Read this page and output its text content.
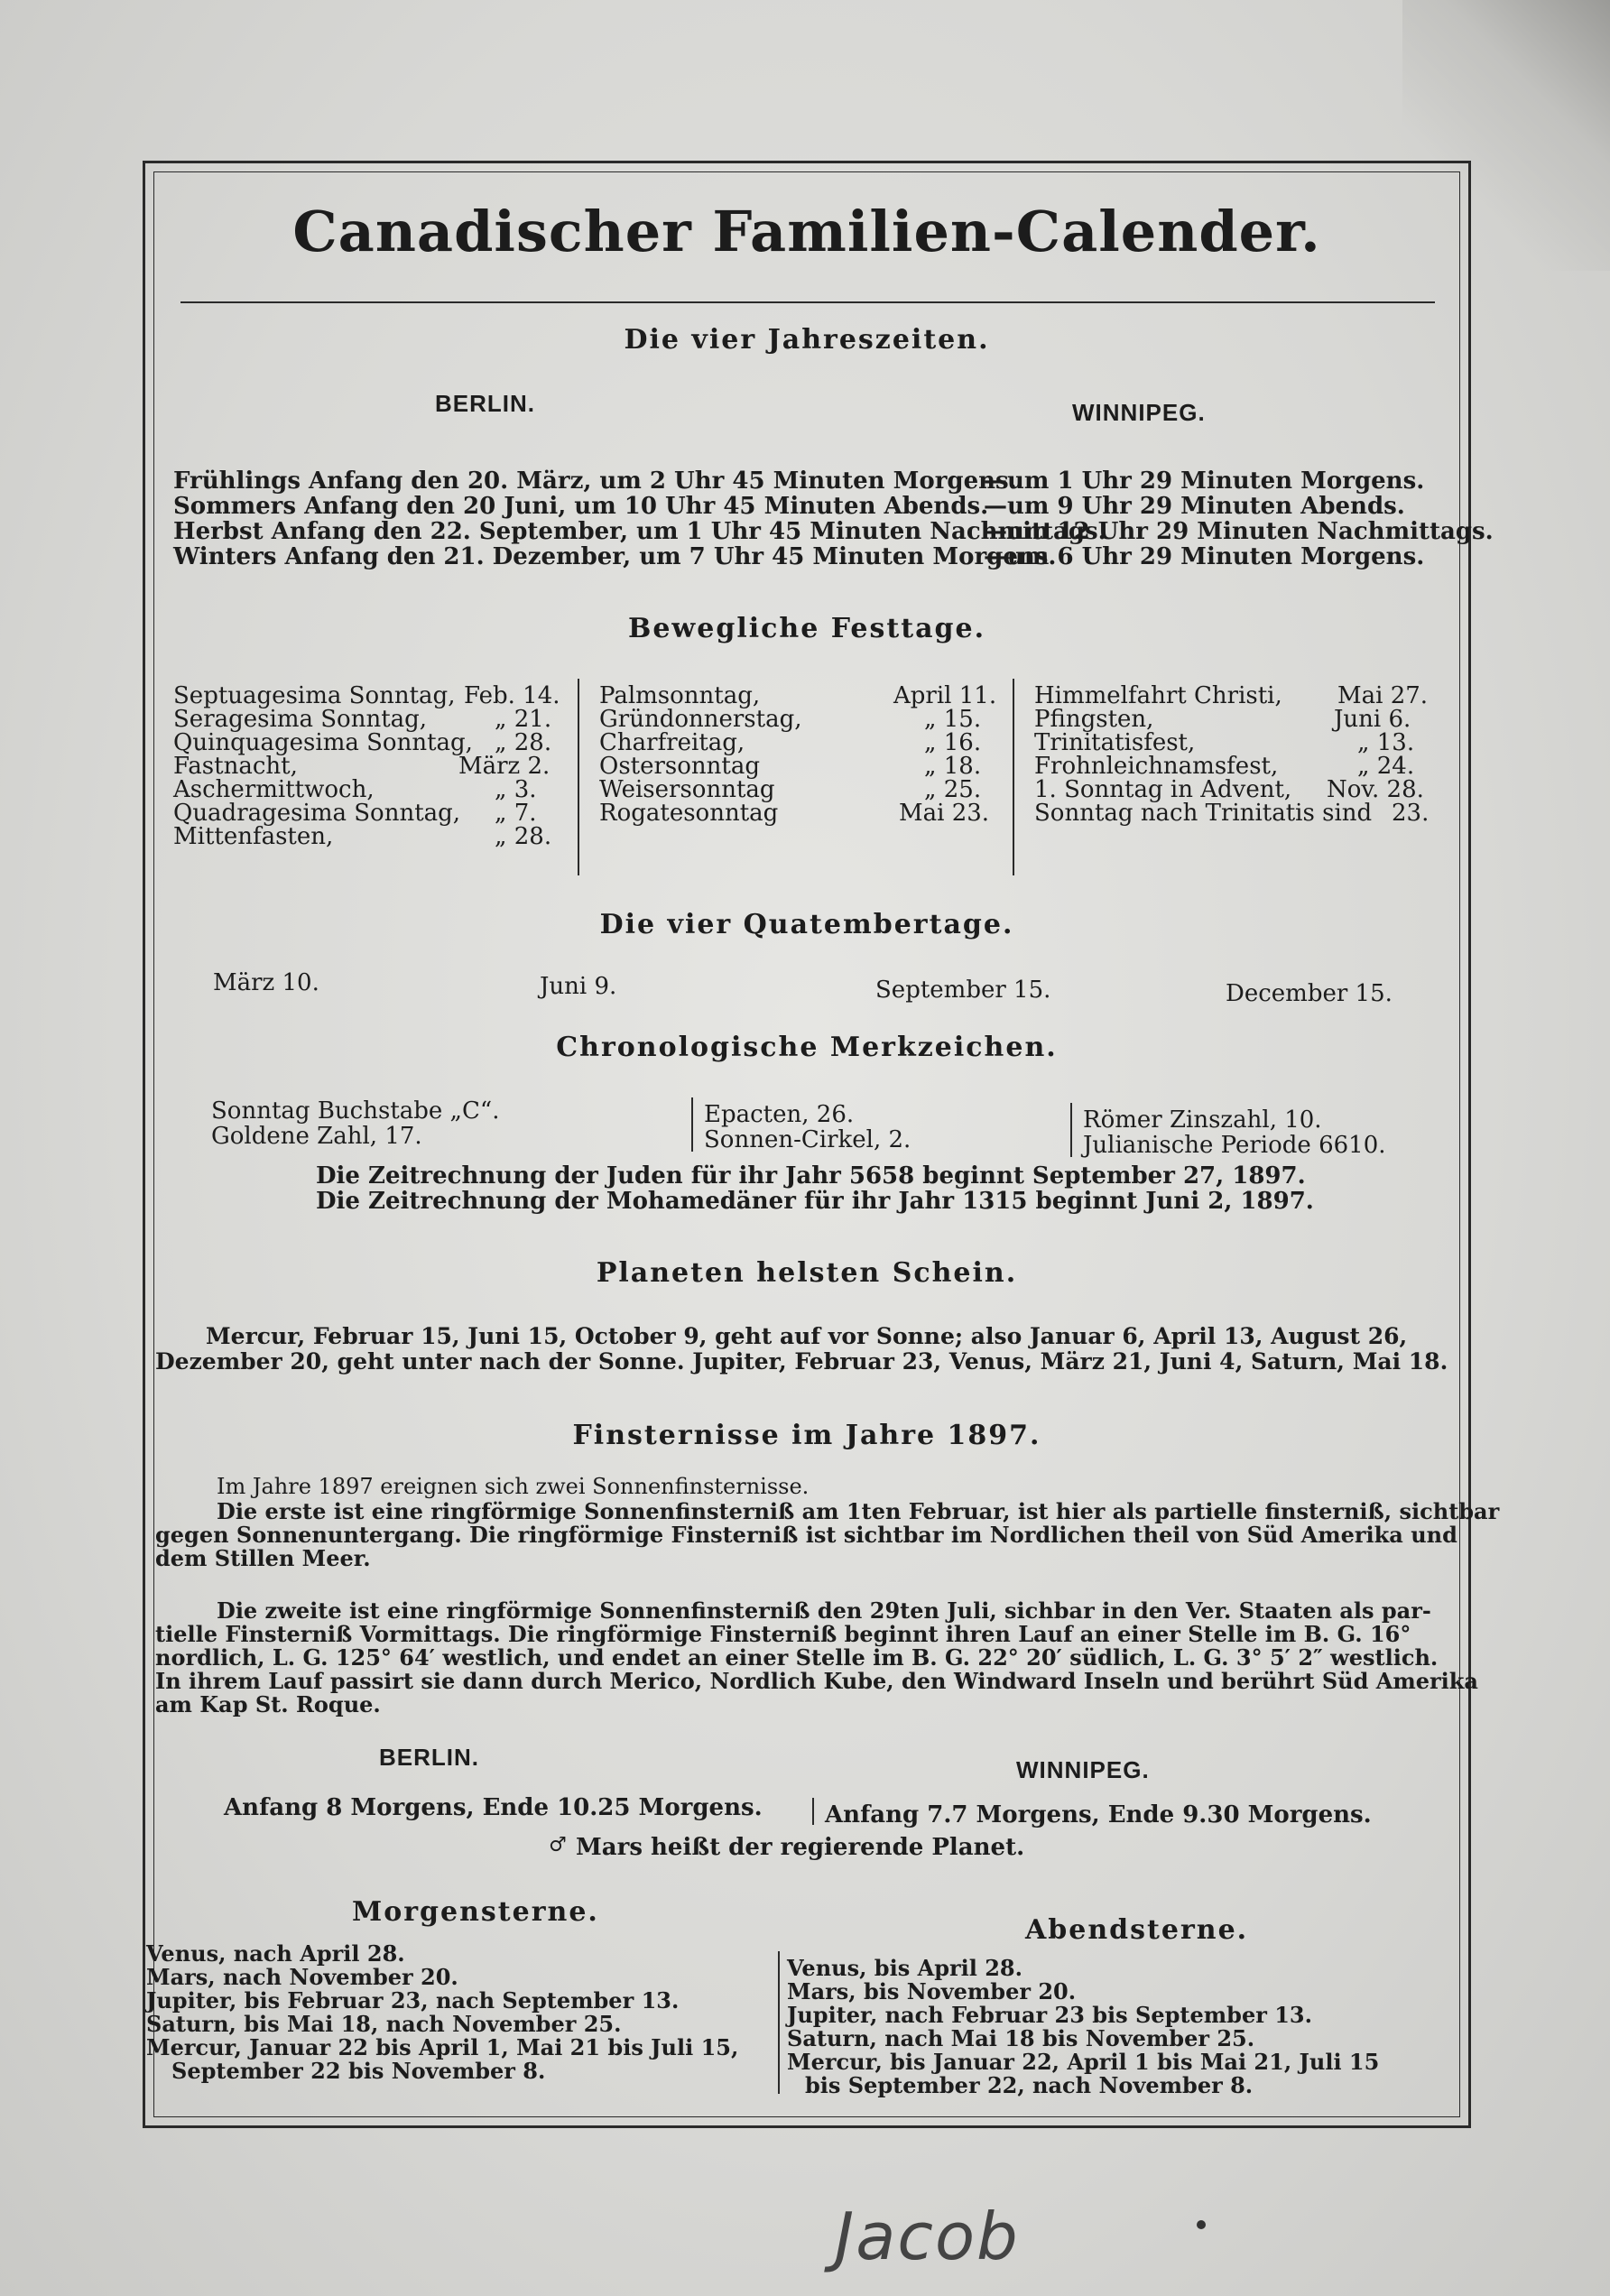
Canadischer Familien-Calender.
Die vier Jahreszeiten.
BERLIN.	WINNIPEG.
Frühlings Anfang den 20. März, um 2 Uhr 45 Minuten Morgens.
—um 1 Uhr 29 Minuten Morgens.
Sommers Anfang den 20 Juni, um 10 Uhr 45 Minuten Abends.
—um 9 Uhr 29 Minuten Abends.
Herbst Anfang den 22. September, um 1 Uhr 45 Minuten Nachmittags.
—um 12 Uhr 29 Minuten Nachmittags.
Winters Anfang den 21. Dezember, um 7 Uhr 45 Minuten Morgens.
—um 6 Uhr 29 Minuten Morgens.
Bewegliche Festtage.
Septuagesima Sonntag, Feb. 14.
Seragesima Sonntag,	„ 21.
Quinquagesima Sonntag, „ 28.
Fastnacht,	März 2.
Aschermittwoch,	„ 3.
Quadragesima Sonntag, „ 7.
Mittenfasten,	„ 28.
Palmsonntag,	April 11.
Gründonnerstag,	„ 15.
Charfreitag,	„ 16.
Ostersonntag	„ 18.
Weisersonntag	„ 25.
Rogatesonntag	Mai 23.
Himmelfahrt Christi, Mai 27.
Pfingsten,	Juni 6.
Trinitatisfest,	„ 13.
Frohnleichnamsfest,	„ 24.
1. Sonntag in Advent, Nov. 28.
Sonntag nach Trinitatis sind 23.
Die vier Quatembertage.
März 10.	Juni 9.	September 15.	December 15.
Chronologische Merkzeichen.
Sonntag Buchstabe „C“.
Goldene Zahl, 17.
Epacten, 26.
Sonnen-Cirkel, 2.
Römer Zinszahl, 10.
Julianische Periode 6610.
Die Zeitrechnung der Juden für ihr Jahr 5658 beginnt September 27, 1897.
Die Zeitrechnung der Mohamedäner für ihr Jahr 1315 beginnt Juni 2, 1897.
Planeten helsten Schein.
Mercur, Februar 15, Juni 15, October 9, geht auf vor Sonne; also Januar 6, April 13, August 26,
Dezember 20, geht unter nach der Sonne. Jupiter, Februar 23, Venus, März 21, Juni 4, Saturn, Mai 18.
Finsternisse im Jahre 1897.
Im Jahre 1897 ereignen sich zwei Sonnenfinsternisse.
Die erste ist eine ringförmige Sonnenfinsterniß am 1ten Februar, ist hier als partielle finsterniß, sichtbar
gegen Sonnenuntergang. Die ringförmige Finsterniß ist sichtbar im Nordlichen theil von Süd Amerika und
dem Stillen Meer.
Die zweite ist eine ringförmige Sonnenfinsterniß den 29ten Juli, sichbar in den Ver. Staaten als par-
tielle Finsterniß Vormittags. Die ringförmige Finsterniß beginnt ihren Lauf an einer Stelle im B. G. 16°
nordlich, L. G. 125° 64′ westlich, und endet an einer Stelle im B. G. 22° 20′ südlich, L. G. 3° 5′ 2″ westlich.
In ihrem Lauf passirt sie dann durch Merico, Nordlich Kube, den Windward Inseln und berührt Süd Amerika
am Kap St. Roque.
BERLIN.	WINNIPEG.
Anfang 8 Morgens, Ende 10.25 Morgens.	Anfang 7.7 Morgens, Ende 9.30 Morgens.
♂ Mars heißt der regierende Planet.
Morgensterne.
Abendsterne.
Venus, nach April 28.
Mars, nach November 20.
Jupiter, bis Februar 23, nach September 13.
Saturn, bis Mai 18, nach November 25.
Mercur, Januar 22 bis April 1, Mai 21 bis Juli 15,
September 22 bis November 8.
Venus, bis April 28.
Mars, bis November 20.
Jupiter, nach Februar 23 bis September 13.
Saturn, nach Mai 18 bis November 25.
Mercur, bis Januar 22, April 1 bis Mai 21, Juli 15
bis September 22, nach November 8.
Jacob
